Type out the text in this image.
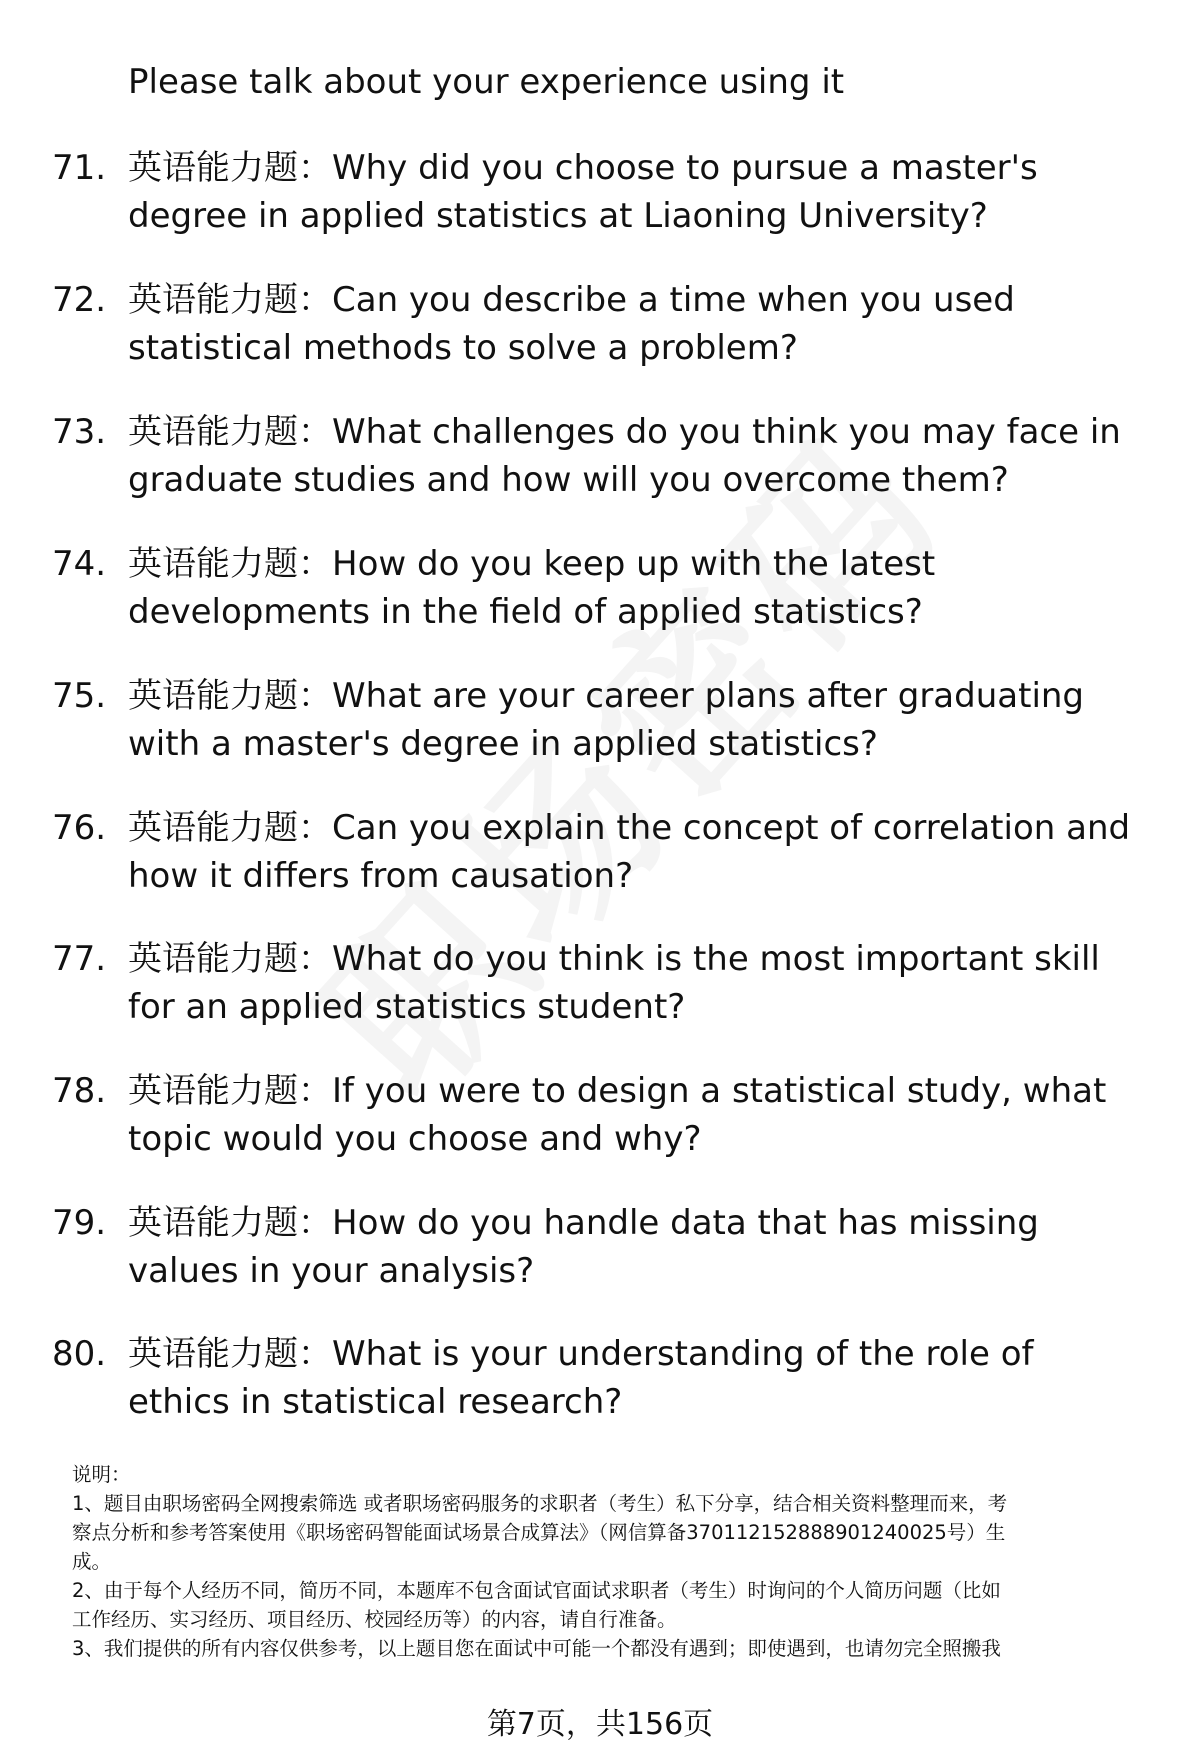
Please talk about your experience using it
71. 英语能力题：Why did you choose to pursue a master's
degree in applied statistics at Liaoning University?
72. 英语能力题：Can you describe a time when you used
statistical methods to solve a problem?
73. 英语能力题：What challenges do you think you may face in
graduate studies and how will you overcome them?
74. 英语能力题：How do you keep up with the latest
developments in the field of applied statistics?
75. 英语能力题：What are your career plans after graduating
with a master's degree in applied statistics?
76. 英语能力题：Can you explain the concept of correlation and
how it differs from causation?
77. 英语能力题：What do you think is the most important skill
for an applied statistics student?
78. 英语能力题：If you were to design a statistical study, what
topic would you choose and why?
79. 英语能力题：How do you handle data that has missing
values in your analysis?
80. 英语能力题：What is your understanding of the role of
ethics in statistical research?
说明：
1、题目由职场密码全网搜索筛选 或者职场密码服务的求职者（考生）私下分享，结合相关资料整理而来，考
察点分析和参考答案使用《职场密码智能面试场景合成算法》（网信算备370112152888901240025号）生
成。
2、由于每个人经历不同，简历不同，本题库不包含面试官面试求职者（考生）时询问的个人简历问题（比如
工作经历、实习经历、项目经历、校园经历等）的内容，请自行准备。
3、我们提供的所有内容仅供参考，以上题目您在面试中可能一个都没有遇到；即使遇到，也请勿完全照搬我
第7页，共156页
